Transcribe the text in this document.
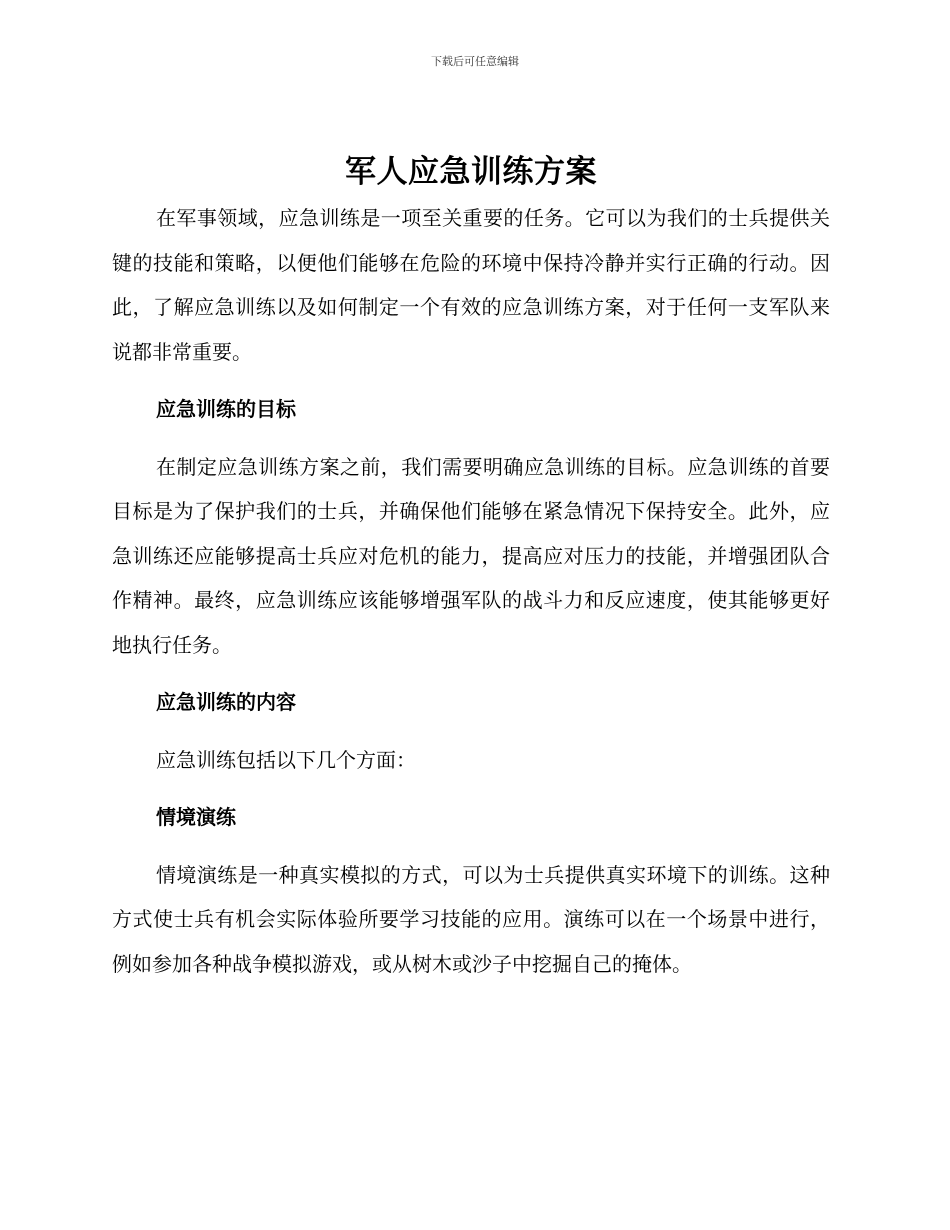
下载后可任意编辑
军人应急训练方案

在军事领域，应急训练是一项至关重要的任务。它可以为我们的士兵提供关键的技能和策略，以便他们能够在危险的环境中保持冷静并实行正确的行动。因此，了解应急训练以及如何制定一个有效的应急训练方案，对于任何一支军队来说都非常重要。

应急训练的目标

在制定应急训练方案之前，我们需要明确应急训练的目标。应急训练的首要目标是为了保护我们的士兵，并确保他们能够在紧急情况下保持安全。此外，应急训练还应能够提高士兵应对危机的能力，提高应对压力的技能，并增强团队合作精神。最终，应急训练应该能够增强军队的战斗力和反应速度，使其能够更好地执行任务。

应急训练的内容

应急训练包括以下几个方面：

情境演练

情境演练是一种真实模拟的方式，可以为士兵提供真实环境下的训练。这种方式使士兵有机会实际体验所要学习技能的应用。演练可以在一个场景中进行，例如参加各种战争模拟游戏，或从树木或沙子中挖掘自己的掩体。
